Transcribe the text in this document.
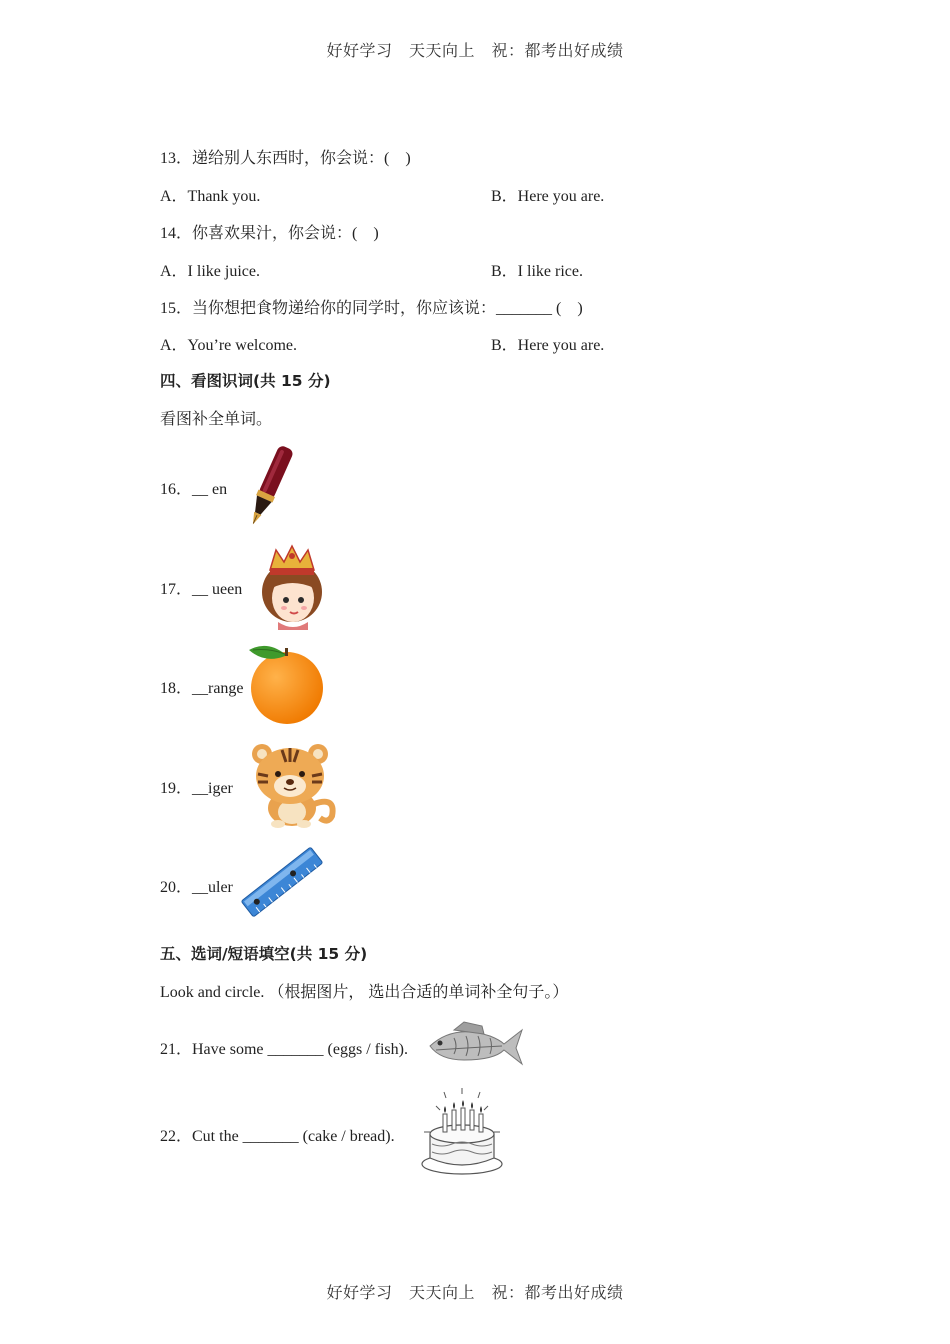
好好学习　天天向上　祝：都考出好成绩
13．递给别人东西时，你会说：(　)
A．Thank you.	B．Here you are.
14．你喜欢果汁，你会说：(　)
A．I like juice.	B．I like rice.
15．当你想把食物递给你的同学时，你应该说：_______ (　)
A．You’re welcome.	B．Here you are.
四、看图识词(共 15 分)
看图补全单词。
16．__ en
17．__ ueen
18．__range
19．__iger
20．__uler
五、选词/短语填空(共 15 分)
Look and circle. （根据图片， 选出合适的单词补全句子。）
21．Have some _______ (eggs / fish).
22．Cut the _______ (cake / bread).
好好学习　天天向上　祝：都考出好成绩
